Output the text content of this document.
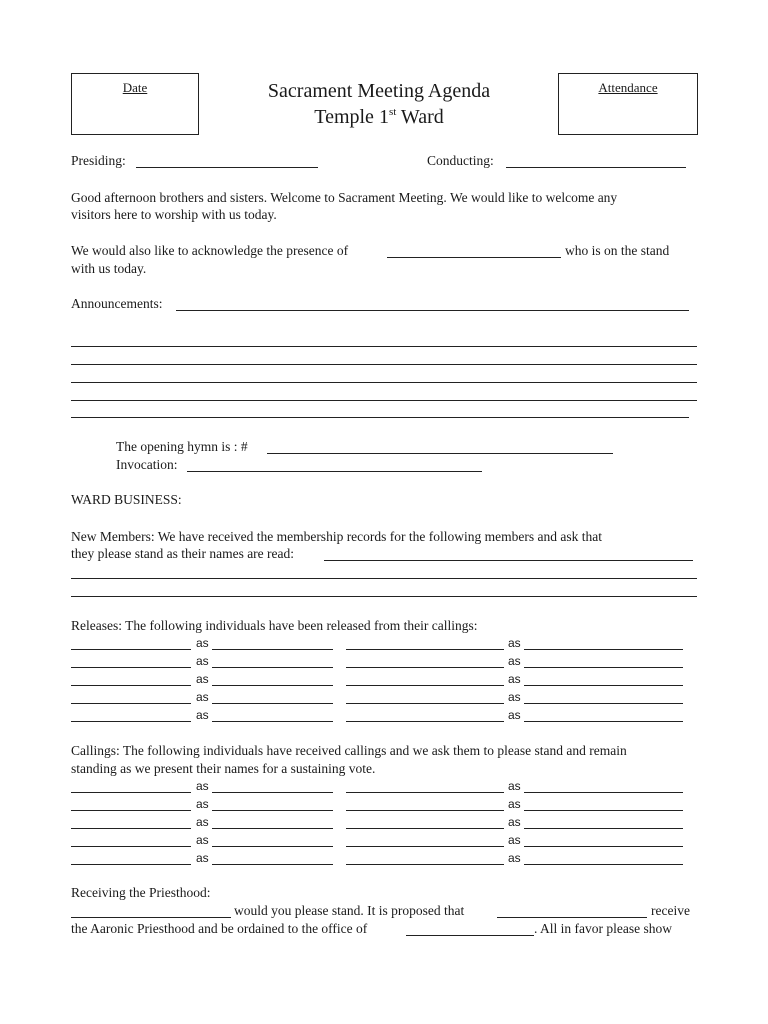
Date	Attendance
Sacrament Meeting Agenda
Temple 1st Ward
Presiding:	Conducting:
Good afternoon brothers and sisters. Welcome to Sacrament Meeting. We would like to welcome any
visitors here to worship with us today.
We would also like to acknowledge the presence of	who is on the stand
with us today.
Announcements:
The opening hymn is : #
Invocation:
WARD BUSINESS:
New Members: We have received the membership records for the following members and ask that
they please stand as their names are read:
Releases: The following individuals have been released from their callings:
as	as
as	as
as	as
as	as
as	as
Callings: The following individuals have received callings and we ask them to please stand and remain
standing as we present their names for a sustaining vote.
as	as
as	as
as	as
as	as
as	as
Receiving the Priesthood:
would you please stand. It is proposed that	receive
the Aaronic Priesthood and be ordained to the office of	. All in favor please show
